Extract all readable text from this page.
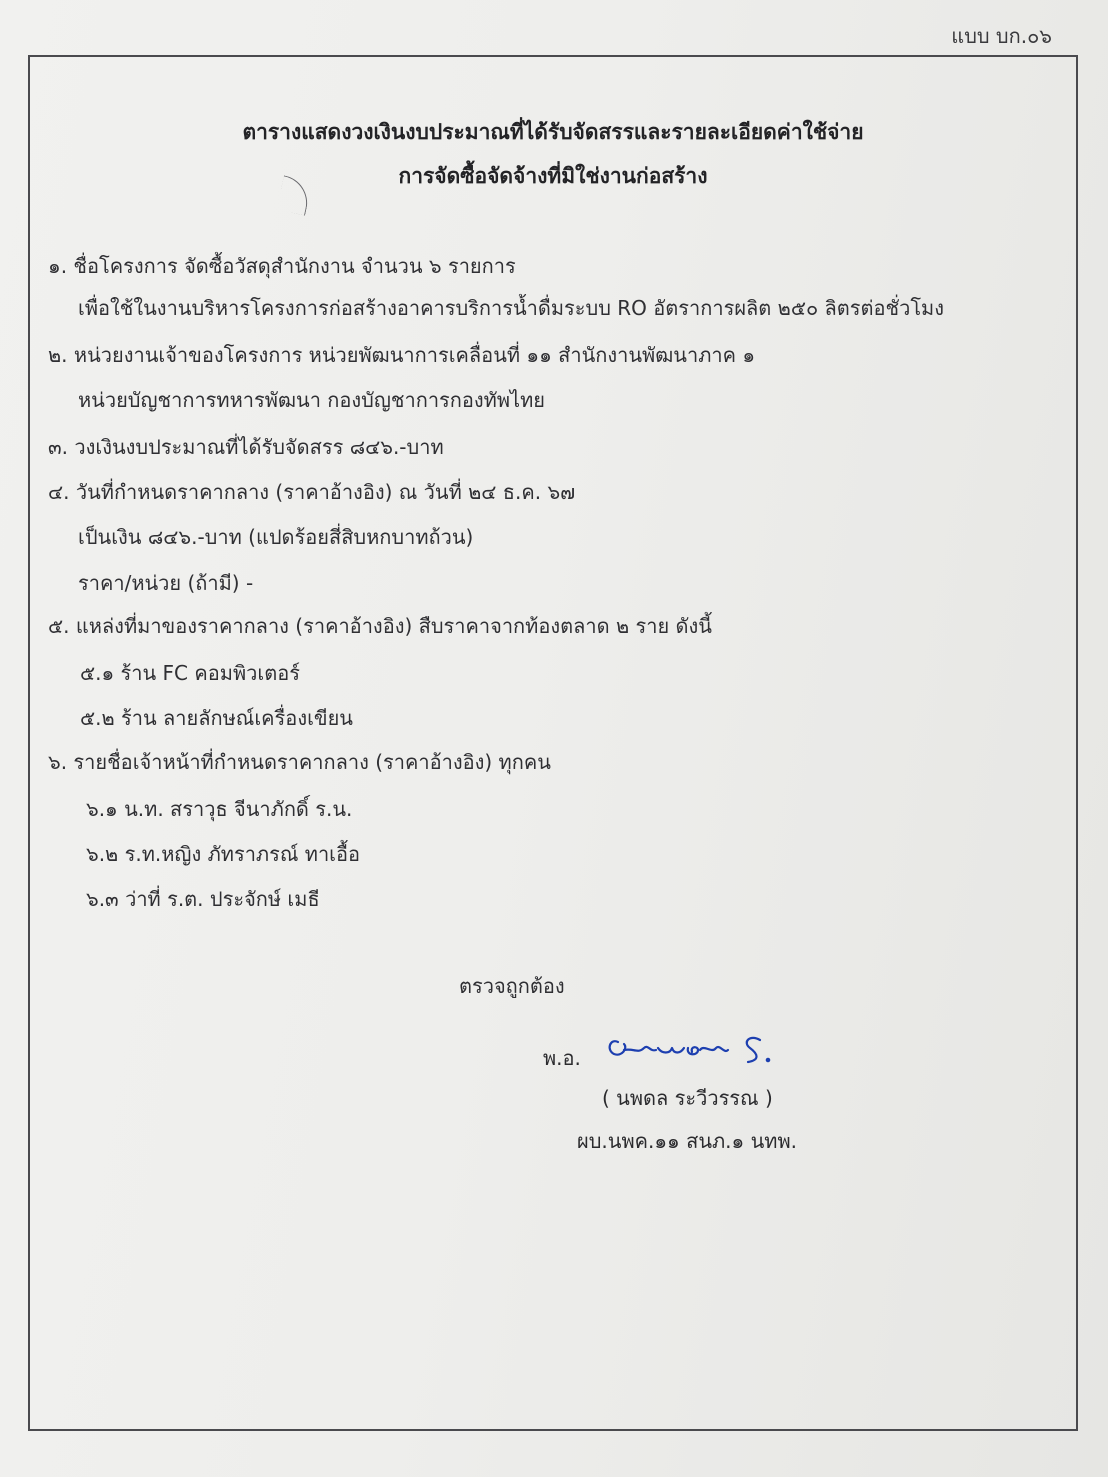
แบบ บก.๐๖
ตารางแสดงวงเงินงบประมาณที่ได้รับจัดสรรและรายละเอียดค่าใช้จ่าย
การจัดซื้อจัดจ้างที่มิใช่งานก่อสร้าง
๑. ชื่อโครงการ จัดซื้อวัสดุสำนักงาน จำนวน ๖ รายการ
เพื่อใช้ในงานบริหารโครงการก่อสร้างอาคารบริการน้ำดื่มระบบ RO อัตราการผลิต ๒๕๐ ลิตรต่อชั่วโมง
๒. หน่วยงานเจ้าของโครงการ หน่วยพัฒนาการเคลื่อนที่ ๑๑ สำนักงานพัฒนาภาค ๑
หน่วยบัญชาการทหารพัฒนา กองบัญชาการกองทัพไทย
๓. วงเงินงบประมาณที่ได้รับจัดสรร ๘๔๖.-บาท
๔. วันที่กำหนดราคากลาง (ราคาอ้างอิง) ณ วันที่ ๒๔ ธ.ค. ๖๗
เป็นเงิน ๘๔๖.-บาท (แปดร้อยสี่สิบหกบาทถ้วน)
ราคา/หน่วย (ถ้ามี) -
๕. แหล่งที่มาของราคากลาง (ราคาอ้างอิง) สืบราคาจากท้องตลาด ๒ ราย ดังนี้
๕.๑ ร้าน FC คอมพิวเตอร์
๕.๒ ร้าน ลายลักษณ์เครื่องเขียน
๖. รายชื่อเจ้าหน้าที่กำหนดราคากลาง (ราคาอ้างอิง) ทุกคน
๖.๑ น.ท. สราวุธ จีนาภักดิ์ ร.น.
๖.๒ ร.ท.หญิง ภัทราภรณ์ ทาเอื้อ
๖.๓ ว่าที่ ร.ต. ประจักษ์ เมธี
ตรวจถูกต้อง
พ.อ.
( นพดล ระวีวรรณ )
ผบ.นพค.๑๑ สนภ.๑ นทพ.
